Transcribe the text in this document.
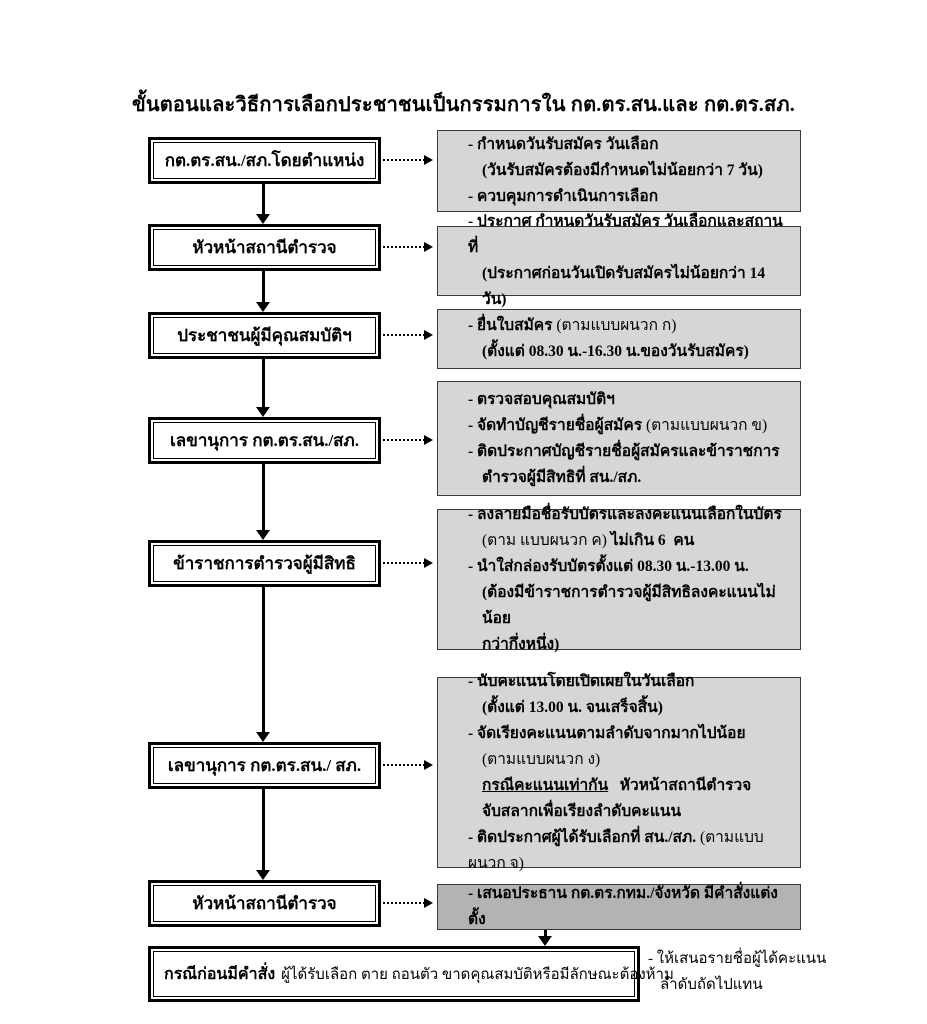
ขั้นตอนและวิธีการเลือกประชาชนเป็นกรรมการใน กต.ตร.สน.และ กต.ตร.สภ.
กต.ตร.สน./สภ.โดยตำแหน่ง
หัวหน้าสถานีตำรวจ
ประชาชนผู้มีคุณสมบัติฯ
เลขานุการ กต.ตร.สน./สภ.
ข้าราชการตำรวจผู้มีสิทธิ
เลขานุการ กต.ตร.สน./ สภ.
หัวหน้าสถานีตำรวจ
- กำหนดวันรับสมัคร วันเลือก
(วันรับสมัครต้องมีกำหนดไม่น้อยกว่า 7 วัน)
- ควบคุมการดำเนินการเลือก
- ประกาศ กำหนดวันรับสมัคร วันเลือกและสถานที่
(ประกาศก่อนวันเปิดรับสมัครไม่น้อยกว่า 14 วัน)
- ยื่นใบสมัคร (ตามแบบผนวก ก)
(ตั้งแต่ 08.30 น.-16.30 น.ของวันรับสมัคร)
- ตรวจสอบคุณสมบัติฯ
- จัดทำบัญชีรายชื่อผู้สมัคร (ตามแบบผนวก ข)
- ติดประกาศบัญชีรายชื่อผู้สมัครและข้าราชการ
ตำรวจผู้มีสิทธิที่ สน./สภ.
- ลงลายมือชื่อรับบัตรและลงคะแนนเลือกในบัตร
(ตาม แบบผนวก ค) ไม่เกิน 6  คน
- นำใส่กล่องรับบัตรตั้งแต่ 08.30 น.-13.00 น.
(ต้องมีข้าราชการตำรวจผู้มีสิทธิลงคะแนนไม่น้อย
กว่ากึ่งหนึ่ง)
- นับคะแนนโดยเปิดเผยในวันเลือก
(ตั้งแต่ 13.00 น. จนเสร็จสิ้น)
- จัดเรียงคะแนนตามลำดับจากมากไปน้อย
(ตามแบบผนวก ง)
กรณีคะแนนเท่ากัน   หัวหน้าสถานีตำรวจ
จับสลากเพื่อเรียงลำดับคะแนน
- ติดประกาศผู้ได้รับเลือกที่ สน./สภ. (ตามแบบผนวก จ)
- เสนอประธาน กต.ตร.กทม./จังหวัด มีคำสั่งแต่งตั้ง
กรณีก่อนมีคำสั่ง ผู้ได้รับเลือก ตาย ถอนตัว ขาดคุณสมบัติหรือมีลักษณะต้องห้าม
- ให้เสนอรายชื่อผู้ได้คะแนน
ลำดับถัดไปแทน
